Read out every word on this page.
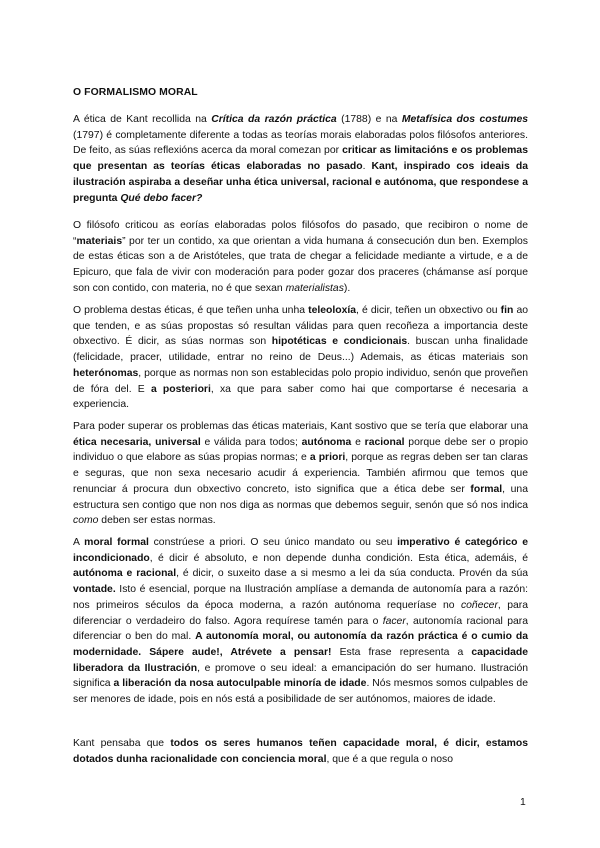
O FORMALISMO MORAL

A ética de Kant recollida na Crítica da razón práctica (1788) e na Metafísica dos costumes (1797) é completamente diferente a todas as teorías morais elaboradas polos filósofos anteriores. De feito, as súas reflexións acerca da moral comezan por criticar as limitacións e os problemas que presentan as teorías éticas elaboradas no pasado. Kant, inspirado cos ideais da ilustración aspiraba a deseñar unha ética universal, racional e autónoma, que respondese a pregunta Qué debo facer?

O filósofo criticou as eorías elaboradas polos filósofos do pasado, que recibiron o nome de “materiais” por ter un contido, xa que orientan a vida humana á consecución dun ben. Exemplos de estas éticas son a de Aristóteles, que trata de chegar a felicidade mediante a virtude, e a de Epicuro, que fala de vivir con moderación para poder gozar dos praceres (chámanse así porque son con contido, con materia, no é que sexan materialistas).

O problema destas éticas, é que teñen unha unha teleoloxía, é dicir, teñen un obxectivo ou fin ao que tenden, e as súas propostas só resultan válidas para quen recoñeza a importancia deste obxectivo. É dicir, as súas normas son hipotéticas e condicionais. buscan unha finalidade (felicidade, pracer, utilidade, entrar no reino de Deus...) Ademais, as éticas materiais son heterónomas, porque as normas non son establecidas polo propio individuo, senón que proveñen de fóra del. E a posteriori, xa que para saber como hai que comportarse é necesaria a experiencia.

Para poder superar os problemas das éticas materiais, Kant sostivo que se tería que elaborar una ética necesaria, universal e válida para todos; autónoma e racional porque debe ser o propio individuo o que elabore as súas propias normas; e a priori, porque as regras deben ser tan claras e seguras, que non sexa necesario acudir á experiencia. También afirmou que temos que renunciar á procura dun obxectivo concreto, isto significa que a ética debe ser formal, una estructura sen contigo que non nos diga as normas que debemos seguir, senón que só nos indica como deben ser estas normas.

A moral formal constrúese a priori. O seu único mandato ou seu imperativo é categórico e incondicionado, é dicir é absoluto, e non depende dunha condición. Esta ética, ademáis, é autónoma e racional, é dicir, o suxeito dase a si mesmo a lei da súa conducta. Provén da súa vontade. Isto é esencial, porque na Ilustración amplíase a demanda de autonomía para a razón: nos primeiros séculos da época moderna, a razón autónoma requeríase no coñecer, para diferenciar o verdadeiro do falso. Agora requírese tamén para o facer, autonomía racional para diferenciar o ben do mal. A autonomía moral, ou autonomía da razón práctica é o cumio da modernidade. Sápere aude!, Atrévete a pensar! Esta frase representa a capacidade liberadora da Ilustración, e promove o seu ideal: a emancipación do ser humano. Ilustración significa a liberación da nosa autoculpable minoría de idade. Nós mesmos somos culpables de ser menores de idade, pois en nós está a posibilidade de ser autónomos, maiores de idade.

Kant pensaba que todos os seres humanos teñen capacidade moral, é dicir, estamos dotados dunha racionalidade con conciencia moral, que é a que regula o noso

1
